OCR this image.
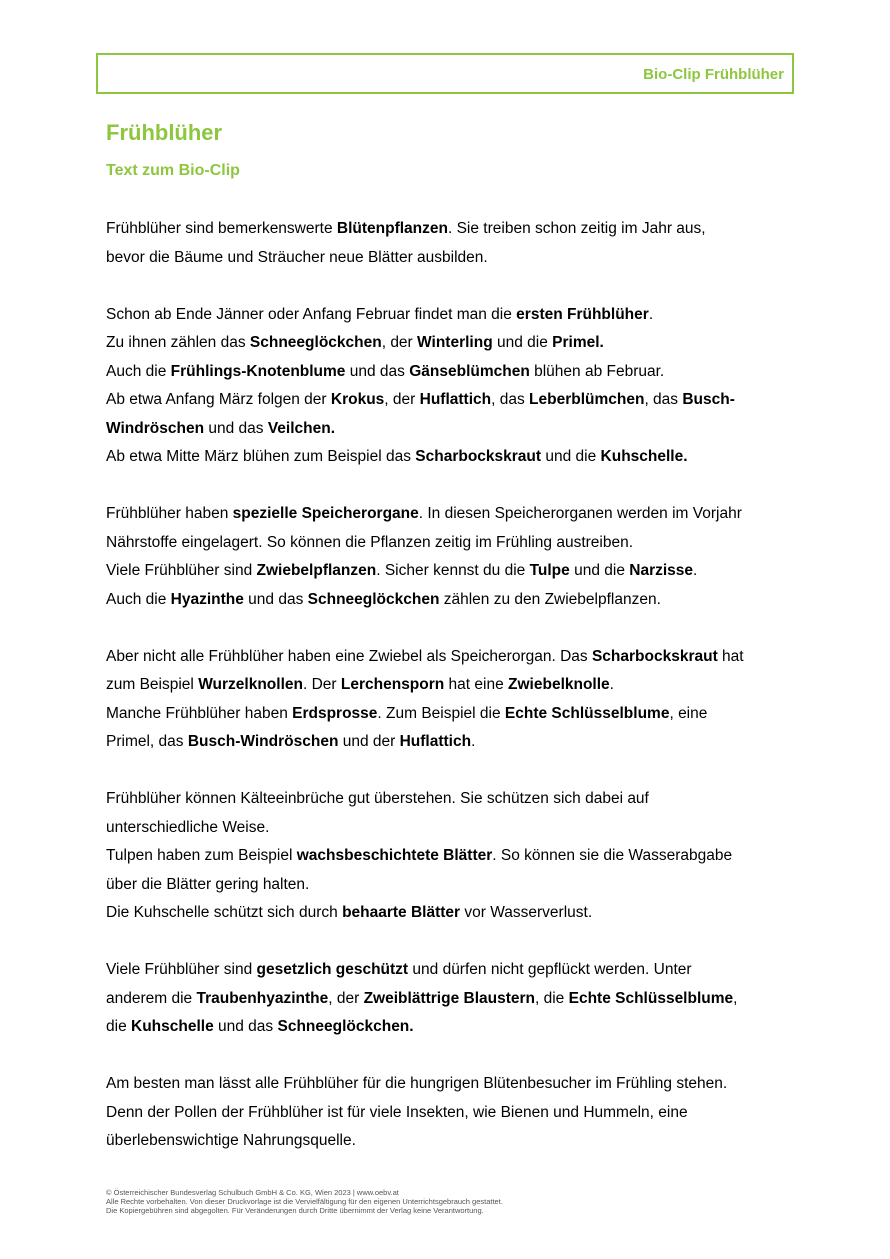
Bio-Clip Frühblüher
Frühblüher
Text zum Bio-Clip

Frühblüher sind bemerkenswerte Blütenpflanzen. Sie treiben schon zeitig im Jahr aus,
bevor die Bäume und Sträucher neue Blätter ausbilden.

Schon ab Ende Jänner oder Anfang Februar findet man die ersten Frühblüher.
Zu ihnen zählen das Schneeglöckchen, der Winterling und die Primel.
Auch die Frühlings-Knotenblume und das Gänseblümchen blühen ab Februar.
Ab etwa Anfang März folgen der Krokus, der Huflattich, das Leberblümchen, das Busch-
Windröschen und das Veilchen.
Ab etwa Mitte März blühen zum Beispiel das Scharbockskraut und die Kuhschelle.

Frühblüher haben spezielle Speicherorgane. In diesen Speicherorganen werden im Vorjahr
Nährstoffe eingelagert. So können die Pflanzen zeitig im Frühling austreiben.
Viele Frühblüher sind Zwiebelpflanzen. Sicher kennst du die Tulpe und die Narzisse.
Auch die Hyazinthe und das Schneeglöckchen zählen zu den Zwiebelpflanzen.

Aber nicht alle Frühblüher haben eine Zwiebel als Speicherorgan. Das Scharbockskraut hat
zum Beispiel Wurzelknollen. Der Lerchensporn hat eine Zwiebelknolle.
Manche Frühblüher haben Erdsprosse. Zum Beispiel die Echte Schlüsselblume, eine
Primel, das Busch-Windröschen und der Huflattich.

Frühblüher können Kälteeinbrüche gut überstehen. Sie schützen sich dabei auf
unterschiedliche Weise.
Tulpen haben zum Beispiel wachsbeschichtete Blätter. So können sie die Wasserabgabe
über die Blätter gering halten.
Die Kuhschelle schützt sich durch behaarte Blätter vor Wasserverlust.

Viele Frühblüher sind gesetzlich geschützt und dürfen nicht gepflückt werden. Unter
anderem die Traubenhyazinthe, der Zweiblättrige Blaustern, die Echte Schlüsselblume,
die Kuhschelle und das Schneeglöckchen.

Am besten man lässt alle Frühblüher für die hungrigen Blütenbesucher im Frühling stehen.
Denn der Pollen der Frühblüher ist für viele Insekten, wie Bienen und Hummeln, eine
überlebenswichtige Nahrungsquelle.

© Österreichischer Bundesverlag Schulbuch GmbH & Co. KG, Wien 2023 | www.oebv.at
Alle Rechte vorbehalten. Von dieser Druckvorlage ist die Vervielfältigung für den eigenen Unterrichtsgebrauch gestattet.
Die Kopiergebühren sind abgegolten. Für Veränderungen durch Dritte übernimmt der Verlag keine Verantwortung.
